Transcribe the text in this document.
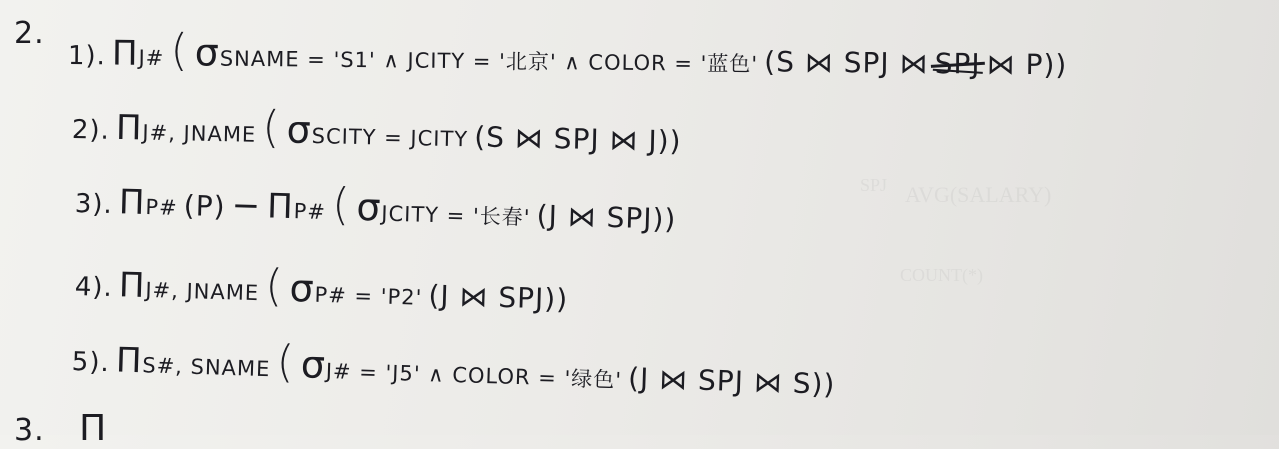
SPJ AVG(SALARY)
COUNT(*)
2.
1). ΠJ# ( σSNAME = 'S1' ∧ JCITY = '北京' ∧ COLOR = '蓝色' (S ⋈ SPJ ⋈ SPJ ⋈ P))
2). ΠJ#, JNAME ( σSCITY = JCITY (S ⋈ SPJ ⋈ J))
3). ΠP# (P) − ΠP# ( σJCITY = '长春' (J ⋈ SPJ))
4). ΠJ#, JNAME ( σP# = 'P2' (J ⋈ SPJ))
5). ΠS#, SNAME ( σJ# = 'J5' ∧ COLOR = '绿色' (J ⋈ SPJ ⋈ S))
3. Π
